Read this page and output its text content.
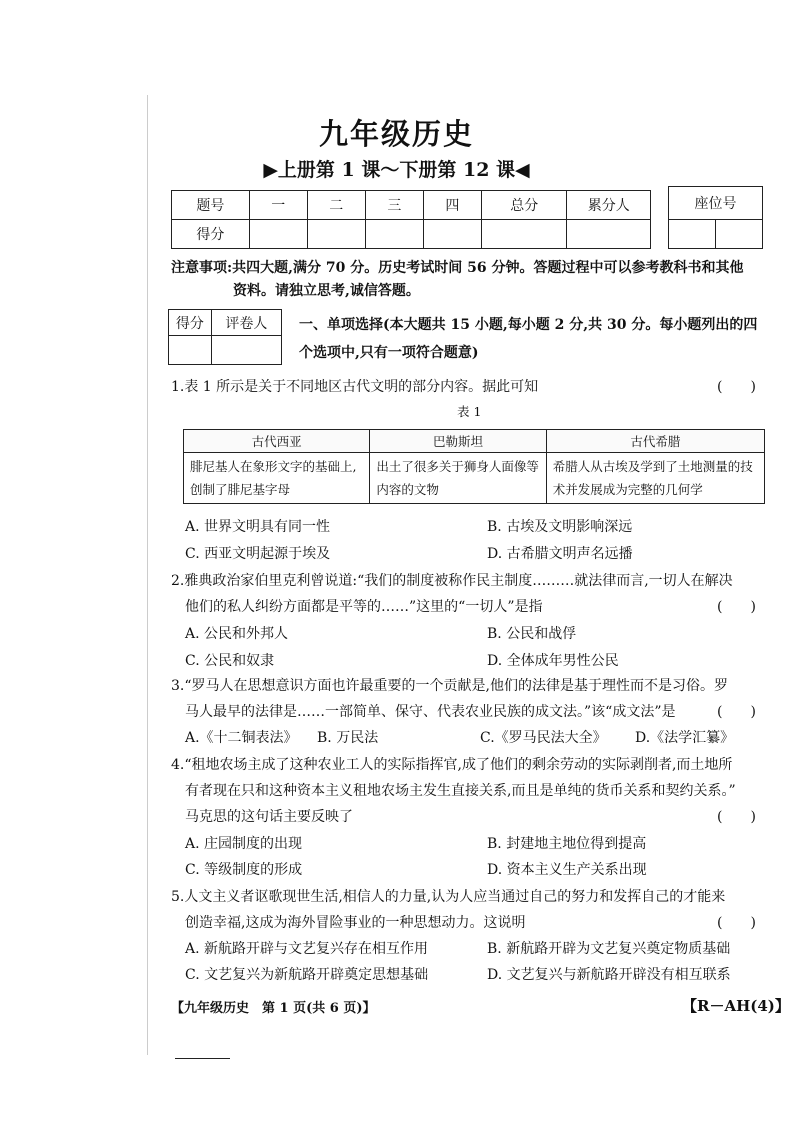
九年级历史
▶上册第 1 课～下册第 12 课◀
题号	一	二	三	四	总分	累分人
得分						
座位号

注意事项:共四大题,满分 70 分。历史考试时间 56 分钟。答题过程中可以参考教科书和其他
资料。请独立思考,诚信答题。
得分	评卷人
	一、单项选择(本大题共 15 小题,每小题 2 分,共 30 分。每小题列出的四
个选项中,只有一项符合题意)
1.表 1 所示是关于不同地区古代文明的部分内容。据此可知	(　　)
表 1
古代西亚	巴勒斯坦	古代希腊
腓尼基人在象形文字的基础上,创制了腓尼基字母	出土了很多关于狮身人面像等内容的文物	希腊人从古埃及学到了土地测量的技术并发展成为完整的几何学
A. 世界文明具有同一性	B. 古埃及文明影响深远
C. 西亚文明起源于埃及	D. 古希腊文明声名远播
2.雅典政治家伯里克利曾说道:“我们的制度被称作民主制度………就法律而言,一切人在解决
他们的私人纠纷方面都是平等的……”这里的“一切人”是指	(　　)
A. 公民和外邦人	B. 公民和战俘
C. 公民和奴隶	D. 全体成年男性公民
3.“罗马人在思想意识方面也许最重要的一个贡献是,他们的法律是基于理性而不是习俗。罗
马人最早的法律是……一部简单、保守、代表农业民族的成文法。”该“成文法”是	(　　)
A.《十二铜表法》 B. 万民法	C.《罗马民法大全》 D.《法学汇纂》
4.“租地农场主成了这种农业工人的实际指挥官,成了他们的剩余劳动的实际剥削者,而土地所
有者现在只和这种资本主义租地农场主发生直接关系,而且是单纯的货币关系和契约关系。”
马克思的这句话主要反映了	(　　)
A. 庄园制度的出现	B. 封建地主地位得到提高
C. 等级制度的形成	D. 资本主义生产关系出现
5.人文主义者讴歌现世生活,相信人的力量,认为人应当通过自己的努力和发挥自己的才能来
创造幸福,这成为海外冒险事业的一种思想动力。这说明	(　　)
A. 新航路开辟与文艺复兴存在相互作用	B. 新航路开辟为文艺复兴奠定物质基础
C. 文艺复兴为新航路开辟奠定思想基础	D. 文艺复兴与新航路开辟没有相互联系
【九年级历史　第 1 页(共 6 页)】	【R－AH(4)】
